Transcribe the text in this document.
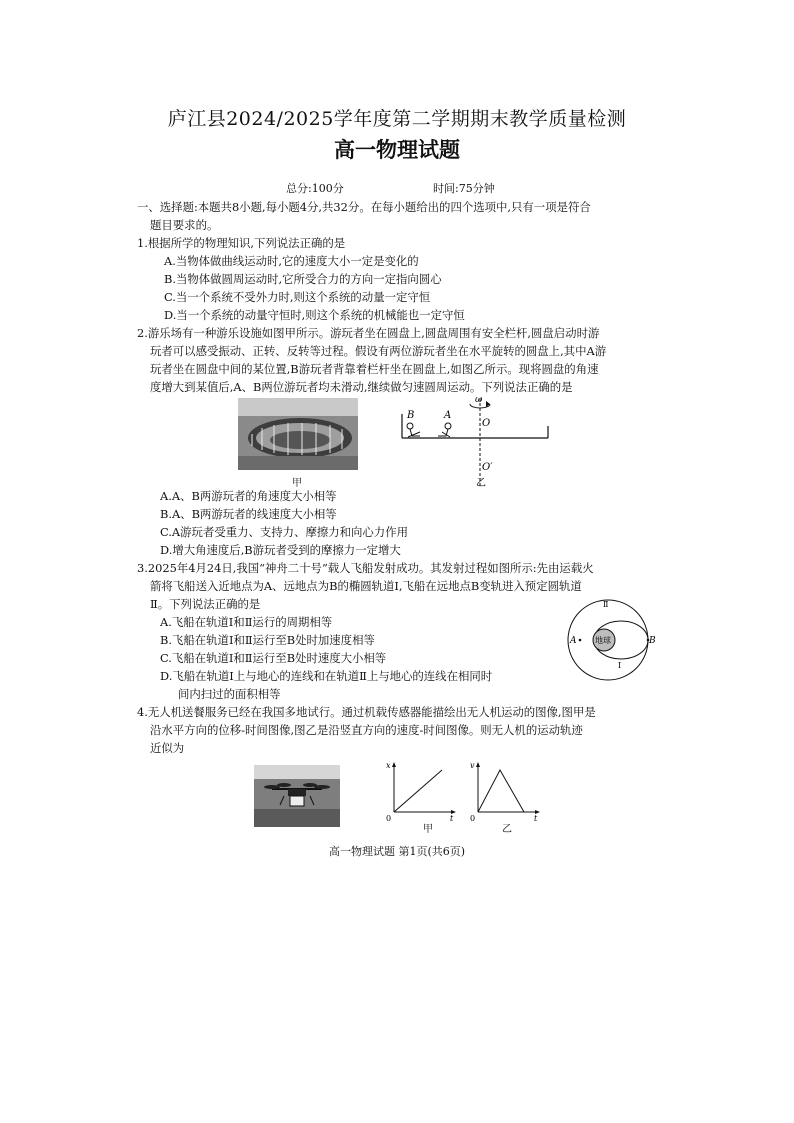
庐江县2024/2025学年度第二学期期末教学质量检测
高一物理试题
总分:100分	时间:75分钟
一、选择题:本题共8小题,每小题4分,共32分。在每小题给出的四个选项中,只有一项是符合
题目要求的。
1.根据所学的物理知识,下列说法正确的是
A.当物体做曲线运动时,它的速度大小一定是变化的
B.当物体做圆周运动时,它所受合力的方向一定指向圆心
C.当一个系统不受外力时,则这个系统的动量一定守恒
D.当一个系统的动量守恒时,则这个系统的机械能也一定守恒
2.游乐场有一种游乐设施如图甲所示。游玩者坐在圆盘上,圆盘周围有安全栏杆,圆盘启动时游
玩者可以感受振动、正转、反转等过程。假设有两位游玩者坐在水平旋转的圆盘上,其中A游
玩者坐在圆盘中间的某位置,B游玩者背靠着栏杆坐在圆盘上,如图乙所示。现将圆盘的角速
度增大到某值后,A、B两位游玩者均未滑动,继续做匀速圆周运动。下列说法正确的是
甲
B	A
O
O′
ω
乙
A.A、B两游玩者的角速度大小相等
B.A、B两游玩者的线速度大小相等
C.A游玩者受重力、支持力、摩擦力和向心力作用
D.增大角速度后,B游玩者受到的摩擦力一定增大
3.2025年4月24日,我国“神舟二十号”载人飞船发射成功。其发射过程如图所示:先由运载火
箭将飞船送入近地点为A、远地点为B的椭圆轨道Ⅰ,飞船在远地点B变轨进入预定圆轨道
Ⅱ。下列说法正确的是
A.飞船在轨道Ⅰ和Ⅱ运行的周期相等
B.飞船在轨道Ⅰ和Ⅱ运行至B处时加速度相等
C.飞船在轨道Ⅰ和Ⅱ运行至B处时速度大小相等
D.飞船在轨道Ⅰ上与地心的连线和在轨道Ⅱ上与地心的连线在相同时
间内扫过的面积相等
地球
A	B
Ⅱ
Ⅰ
4.无人机送餐服务已经在我国多地试行。通过机载传感器能描绘出无人机运动的图像,图甲是
沿水平方向的位移-时间图像,图乙是沿竖直方向的速度-时间图像。则无人机的运动轨迹
近似为
x
t
0
甲
v
t
0
乙
高一物理试题 第1页(共6页)
